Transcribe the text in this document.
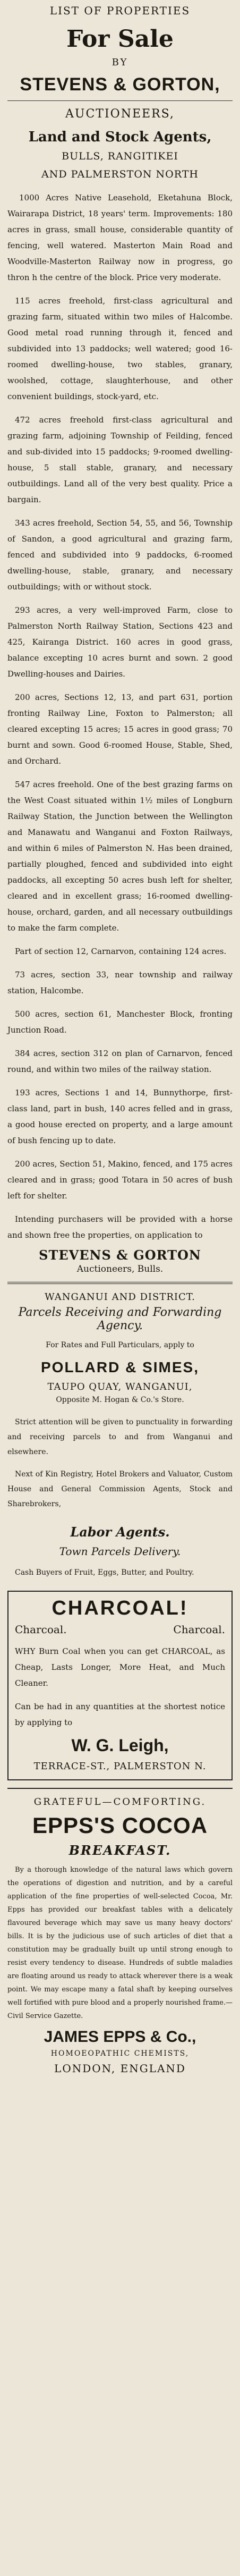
LIST OF PROPERTIES
For Sale
BY
STEVENS & GORTON,
AUCTIONEERS,
Land and Stock Agents,
BULLS, RANGITIKEI
AND PALMERSTON NORTH
1000 Acres Native Leasehold, Eketahuna Block, Wairarapa District, 18 years' term. Improvements: 180 acres in grass, small house, considerable quantity of fencing, well watered. Masterton Main Road and Woodville-Masterton Railway now in progress, go thron h the centre of the block. Price very moderate.
115 acres freehold, first-class agricultural and grazing farm, situated within two miles of Halcombe. Good metal road running through it, fenced and subdivided into 13 paddocks; well watered; good 16-roomed dwelling-house, two stables, granary, woolshed, cottage, slaughterhouse, and other convenient buildings, stock-yard, etc.
472 acres freehold first-class agricultural and grazing farm, adjoining Township of Feilding, fenced and sub-divided into 15 paddocks; 9-roomed dwelling-house, 5 stall stable, granary, and necessary outbuildings. Land all of the very best quality. Price a bargain.
343 acres freehold, Section 54, 55, and 56, Township of Sandon, a good agricultural and grazing farm, fenced and subdivided into 9 paddocks, 6-roomed dwelling-house, stable, granary, and necessary outbuildings; with or without stock.
293 acres, a very well-improved Farm, close to Palmerston North Railway Station, Sections 423 and 425, Kairanga District. 160 acres in good grass, balance excepting 10 acres burnt and sown. 2 good Dwelling-houses and Dairies.
200 acres, Sections 12, 13, and part 631, portion fronting Railway Line, Foxton to Palmerston; all cleared excepting 15 acres; 15 acres in good grass; 70 burnt and sown. Good 6-roomed House, Stable, Shed, and Orchard.
547 acres freehold. One of the best grazing farms on the West Coast situated within 1½ miles of Longburn Railway Station, the Junction between the Wellington and Manawatu and Wanganui and Foxton Railways, and within 6 miles of Palmerston N. Has been drained, partially ploughed, fenced and subdivided into eight paddocks, all excepting 50 acres bush left for shelter, cleared and in excellent grass; 16-roomed dwelling-house, orchard, garden, and all necessary outbuildings to make the farm complete.
Part of section 12, Carnarvon, containing 124 acres.
73 acres, section 33, near township and railway station, Halcombe.
500 acres, section 61, Manchester Block, fronting Junction Road.
384 acres, section 312 on plan of Carnarvon, fenced round, and within two miles of the railway station.
193 acres, Sections 1 and 14, Bunnythorpe, first-class land, part in bush, 140 acres felled and in grass, a good house erected on property, and a large amount of bush fencing up to date.
200 acres, Section 51, Makino, fenced, and 175 acres cleared and in grass; good Totara in 50 acres of bush left for shelter.
Intending purchasers will be provided with a horse and shown free the properties, on application to
STEVENS & GORTON
Auctioneers, Bulls.
WANGANUI AND DISTRICT.
Parcels Receiving and Forwarding Agency.
For Rates and Full Particulars, apply to
POLLARD & SIMES,
TAUPO QUAY, WANGANUI,
Opposite M. Hogan & Co.'s Store.
Strict attention will be given to punctuality in forwarding and receiving parcels to and from Wanganui and elsewhere.
Next of Kin Registry, Hotel Brokers and Valuator, Custom House and General Commission Agents, Stock and Sharebrokers,
Labor Agents.
Town Parcels Delivery.
Cash Buyers of Fruit, Eggs, Butter, and Poultry.
CHARCOAL!
Charcoal.	Charcoal.
WHY Burn Coal when you can get CHARCOAL, as Cheap, Lasts Longer, More Heat, and Much Cleaner.
Can be had in any quantities at the shortest notice by applying to
W. G. Leigh,
TERRACE-ST., PALMERSTON N.
GRATEFUL—COMFORTING.
EPPS'S COCOA
BREAKFAST.
By a thorough knowledge of the natural laws which govern the operations of digestion and nutrition, and by a careful application of the fine properties of well-selected Cocoa, Mr. Epps has provided our breakfast tables with a delicately flavoured beverage which may save us many heavy doctors' bills. It is by the judicious use of such articles of diet that a constitution may be gradually built up until strong enough to resist every tendency to disease. Hundreds of subtle maladies are floating around us ready to attack wherever there is a weak point. We may escape many a fatal shaft by keeping ourselves well fortified with pure blood and a properly nourished frame.—Civil Service Gazette.
JAMES EPPS & Co.,
HOMOEOPATHIC CHEMISTS,
LONDON, ENGLAND
